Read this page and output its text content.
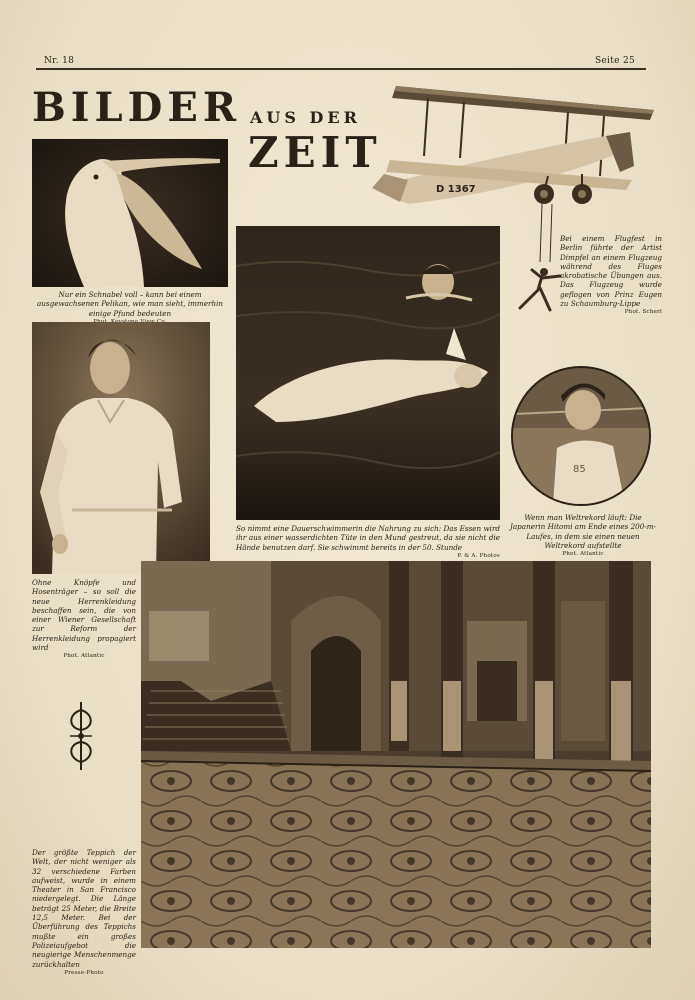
Nr. 18	Seite 25
BILDER AUS DER
ZEIT
Nur ein Schnabel voll – kann bei einem ausgewachsenen Pelikan, wie man sieht, immerhin einige Pfund bedeuten
D 1367
Bei einem Flugfest in Berlin führte der Artist Dimpfel an einem Flugzeug während des Fluges akrobatische Übungen aus. Das Flugzeug wurde geflogen von Prinz Eugen zu Schaumburg-Lippe
Phot. Scherl
So nimmt eine Dauerschwimmerin die Nahrung zu sich: Das Essen wird ihr aus einer wasserdichten Tüte in den Mund gestreut, da sie nicht die Hände benutzen darf. Sie schwimmt bereits in der 50. Stunde
P. & A. Photos
85
Wenn man Weltrekord läuft: Die Japanerin Hitomi am Ende eines 200-m-Laufes, in dem sie einen neuen Weltrekord aufstellte
Phot. Atlantic
Ohne Knöpfe und Hosenträger – so soll die neue Herrenkleidung beschaffen sein, die von einer Wiener Gesellschaft zur Reform der Herrenkleidung propagiert wird
Phot. Atlantic
Der größte Teppich der Welt, der nicht weniger als 32 verschiedene Farben aufweist, wurde in einem Theater in San Francisco niedergelegt. Die Länge beträgt 25 Meter, die Breite 12,5 Meter. Bei der Überführung des Teppichs mußte ein großes Polizeiaufgebot die neugierige Menschenmenge zurückhalten
Presse-Photo
